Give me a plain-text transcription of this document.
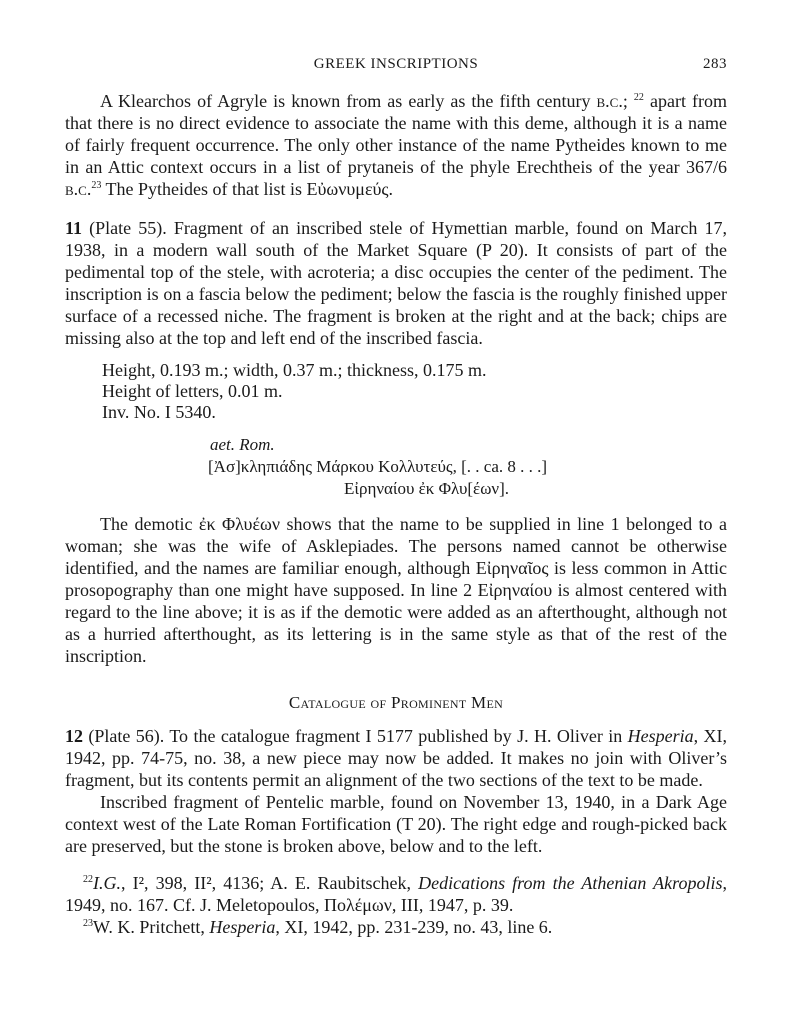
GREEK INSCRIPTIONS	283

A Klearchos of Agryle is known from as early as the fifth century b.c.; $^{22}$ apart from that there is no direct evidence to associate the name with this deme, although it is a name of fairly frequent occurrence. The only other instance of the name Pytheides known to me in an Attic context occurs in a list of prytaneis of the phyle Erechtheis of the year 367/6 b.c.$^{23}$ The Pytheides of that list is Εὐωνυμεύς.

11 (Plate 55). Fragment of an inscribed stele of Hymettian marble, found on March 17, 1938, in a modern wall south of the Market Square (P 20). It consists of part of the pedimental top of the stele, with acroteria; a disc occupies the center of the pediment. The inscription is on a fascia below the pediment; below the fascia is the roughly finished upper surface of a recessed niche. The fragment is broken at the right and at the back; chips are missing also at the top and left end of the inscribed fascia.

Height, 0.193 m.; width, 0.37 m.; thickness, 0.175 m.
Height of letters, 0.01 m.
Inv. No. I 5340.
aet. Rom.
[Ἀσ]κληπιάδης Μάρκου Κολλυτεύς, [. . ca. 8 . . .]
Εἰρηναίου ἐκ Φλυ[έων].

The demotic ἐκ Φλυέων shows that the name to be supplied in line 1 belonged to a woman; she was the wife of Asklepiades. The persons named cannot be otherwise identified, and the names are familiar enough, although Εἰρηναῖος is less common in Attic prosopography than one might have supposed. In line 2 Εἰρηναίου is almost centered with regard to the line above; it is as if the demotic were added as an afterthought, although not as a hurried afterthought, as its lettering is in the same style as that of the rest of the inscription.

Catalogue of Prominent Men

12 (Plate 56). To the catalogue fragment I 5177 published by J. H. Oliver in Hesperia, XI, 1942, pp. 74-75, no. 38, a new piece may now be added. It makes no join with Oliver’s fragment, but its contents permit an alignment of the two sections of the text to be made.

Inscribed fragment of Pentelic marble, found on November 13, 1940, in a Dark Age context west of the Late Roman Fortification (T 20). The right edge and rough-picked back are preserved, but the stone is broken above, below and to the left.

$^{22}$I.G., I², 398, II², 4136; A. E. Raubitschek, Dedications from the Athenian Akropolis, 1949, no. 167. Cf. J. Meletopoulos, Πολέμων, III, 1947, p. 39.

$^{23}$W. K. Pritchett, Hesperia, XI, 1942, pp. 231-239, no. 43, line 6.
